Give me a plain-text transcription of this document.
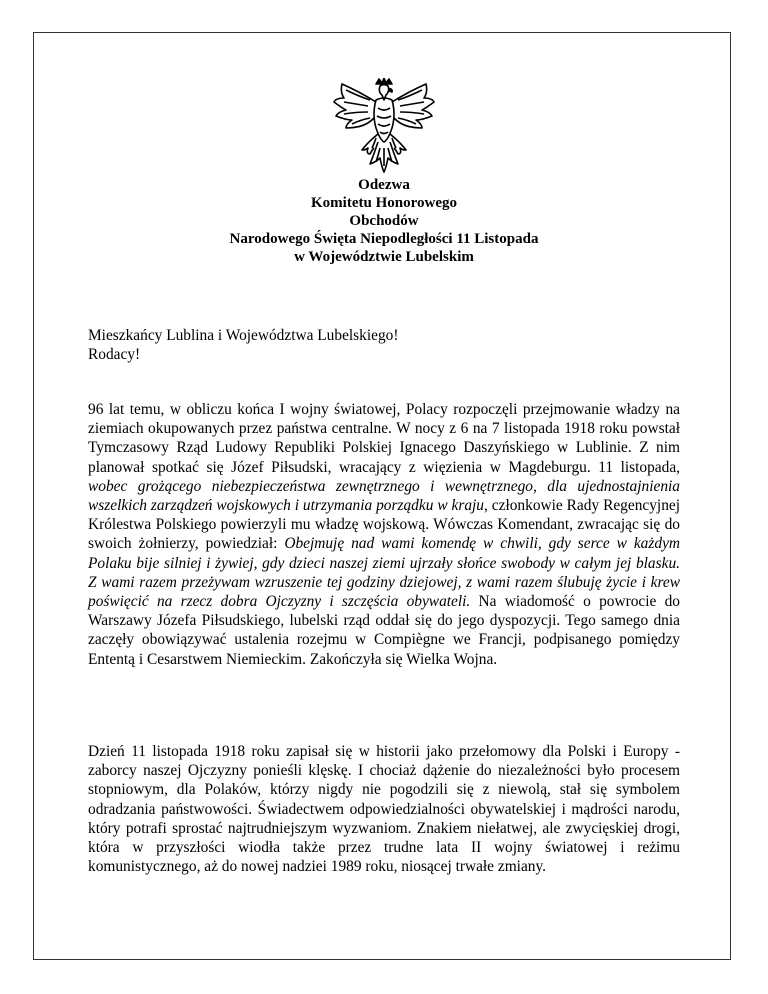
Odezwa
Komitetu Honorowego
Obchodów
Narodowego Święta Niepodległości 11 Listopada
w Województwie Lubelskim
Mieszkańcy Lublina i Województwa Lubelskiego!
Rodacy!

96 lat temu, w obliczu końca I wojny światowej, Polacy rozpoczęli przejmowanie władzy na ziemiach okupowanych przez państwa centralne. W nocy z 6 na 7 listopada 1918 roku powstał Tymczasowy Rząd Ludowy Republiki Polskiej Ignacego Daszyńskiego w Lublinie. Z nim planował spotkać się Józef Piłsudski, wracający z więzienia w Magdeburgu. 11 listopada, wobec grożącego niebezpieczeństwa zewnętrznego i wewnętrznego, dla ujednostajnienia wszelkich zarządzeń wojskowych i utrzymania porządku w kraju, członkowie Rady Regencyjnej Królestwa Polskiego powierzyli mu władzę wojskową. Wówczas Komendant, zwracając się do swoich żołnierzy, powiedział: Obejmuję nad wami komendę w chwili, gdy serce w każdym Polaku bije silniej i żywiej, gdy dzieci naszej ziemi ujrzały słońce swobody w całym jej blasku. Z wami razem przeżywam wzruszenie tej godziny dziejowej, z wami razem ślubuję życie i krew poświęcić na rzecz dobra Ojczyzny i szczęścia obywateli. Na wiadomość o powrocie do Warszawy Józefa Piłsudskiego, lubelski rząd oddał się do jego dyspozycji. Tego samego dnia zaczęły obowiązywać ustalenia rozejmu w Compiègne we Francji, podpisanego pomiędzy Ententą i Cesarstwem Niemieckim. Zakończyła się Wielka Wojna.

Dzień 11 listopada 1918 roku zapisał się w historii jako przełomowy dla Polski i Europy - zaborcy naszej Ojczyzny ponieśli klęskę. I chociaż dążenie do niezależności było procesem stopniowym, dla Polaków, którzy nigdy nie pogodzili się z niewolą, stał się symbolem odradzania państwowości. Świadectwem odpowiedzialności obywatelskiej i mądrości narodu, który potrafi sprostać najtrudniejszym wyzwaniom. Znakiem niełatwej, ale zwycięskiej drogi, która w przyszłości wiodła także przez trudne lata II wojny światowej i reżimu komunistycznego, aż do nowej nadziei 1989 roku, niosącej trwałe zmiany.
